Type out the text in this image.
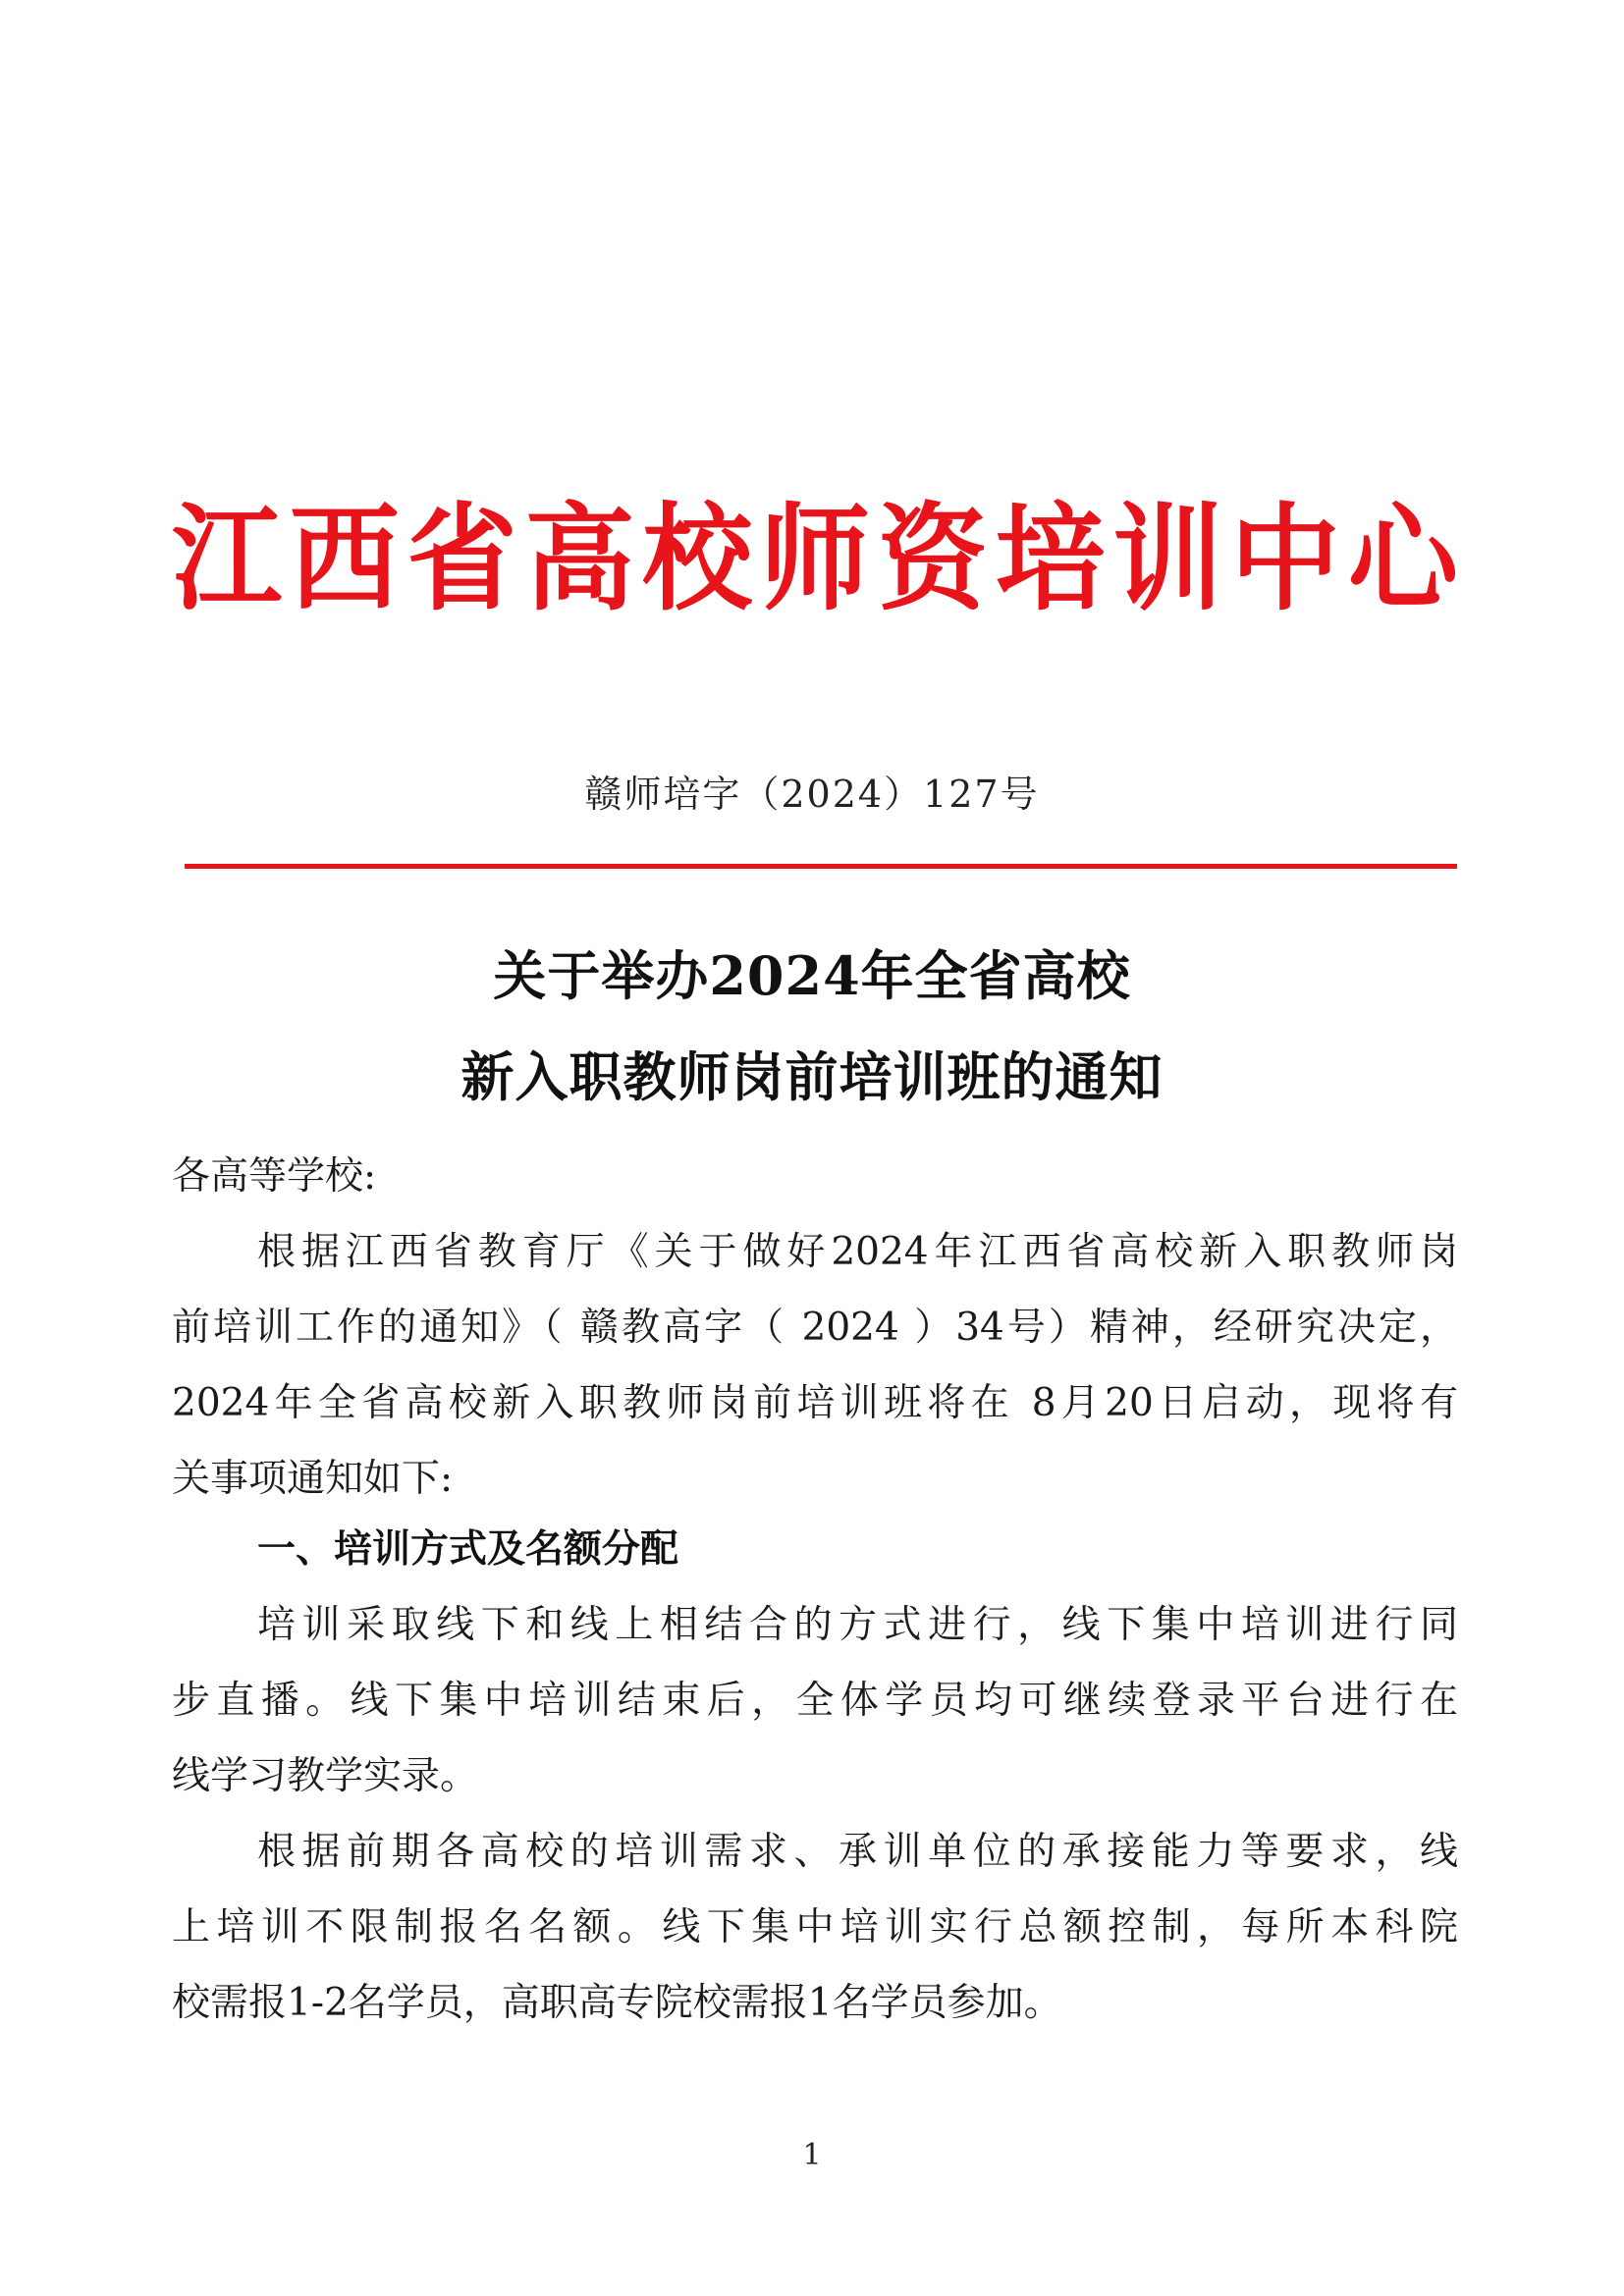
江 西 省 高 校 师 资 培 训 中 心
赣师培字（2024）127号
关于举办2024年全省高校
新入职教师岗前培训班的通知
各高等学校:
根据江西省教育厅《关于做好2024年江西省高校新入职教师岗
前培训工作的通知》（ 赣教高字（ 2024 ）34号）精神，经研究决定，
2024年全省高校新入职教师岗前培训班将在 8月20日启动，现将有
关事项通知如下:
一、培训方式及名额分配
培训采取线下和线上相结合的方式进行，线下集中培训进行同
步直播。线下集中培训结束后，全体学员均可继续登录平台进行在
线学习教学实录。
根据前期各高校的培训需求、承训单位的承接能力等要求，线
上培训不限制报名名额。线下集中培训实行总额控制，每所本科院
校需报1-2名学员，高职高专院校需报1名学员参加。
1
